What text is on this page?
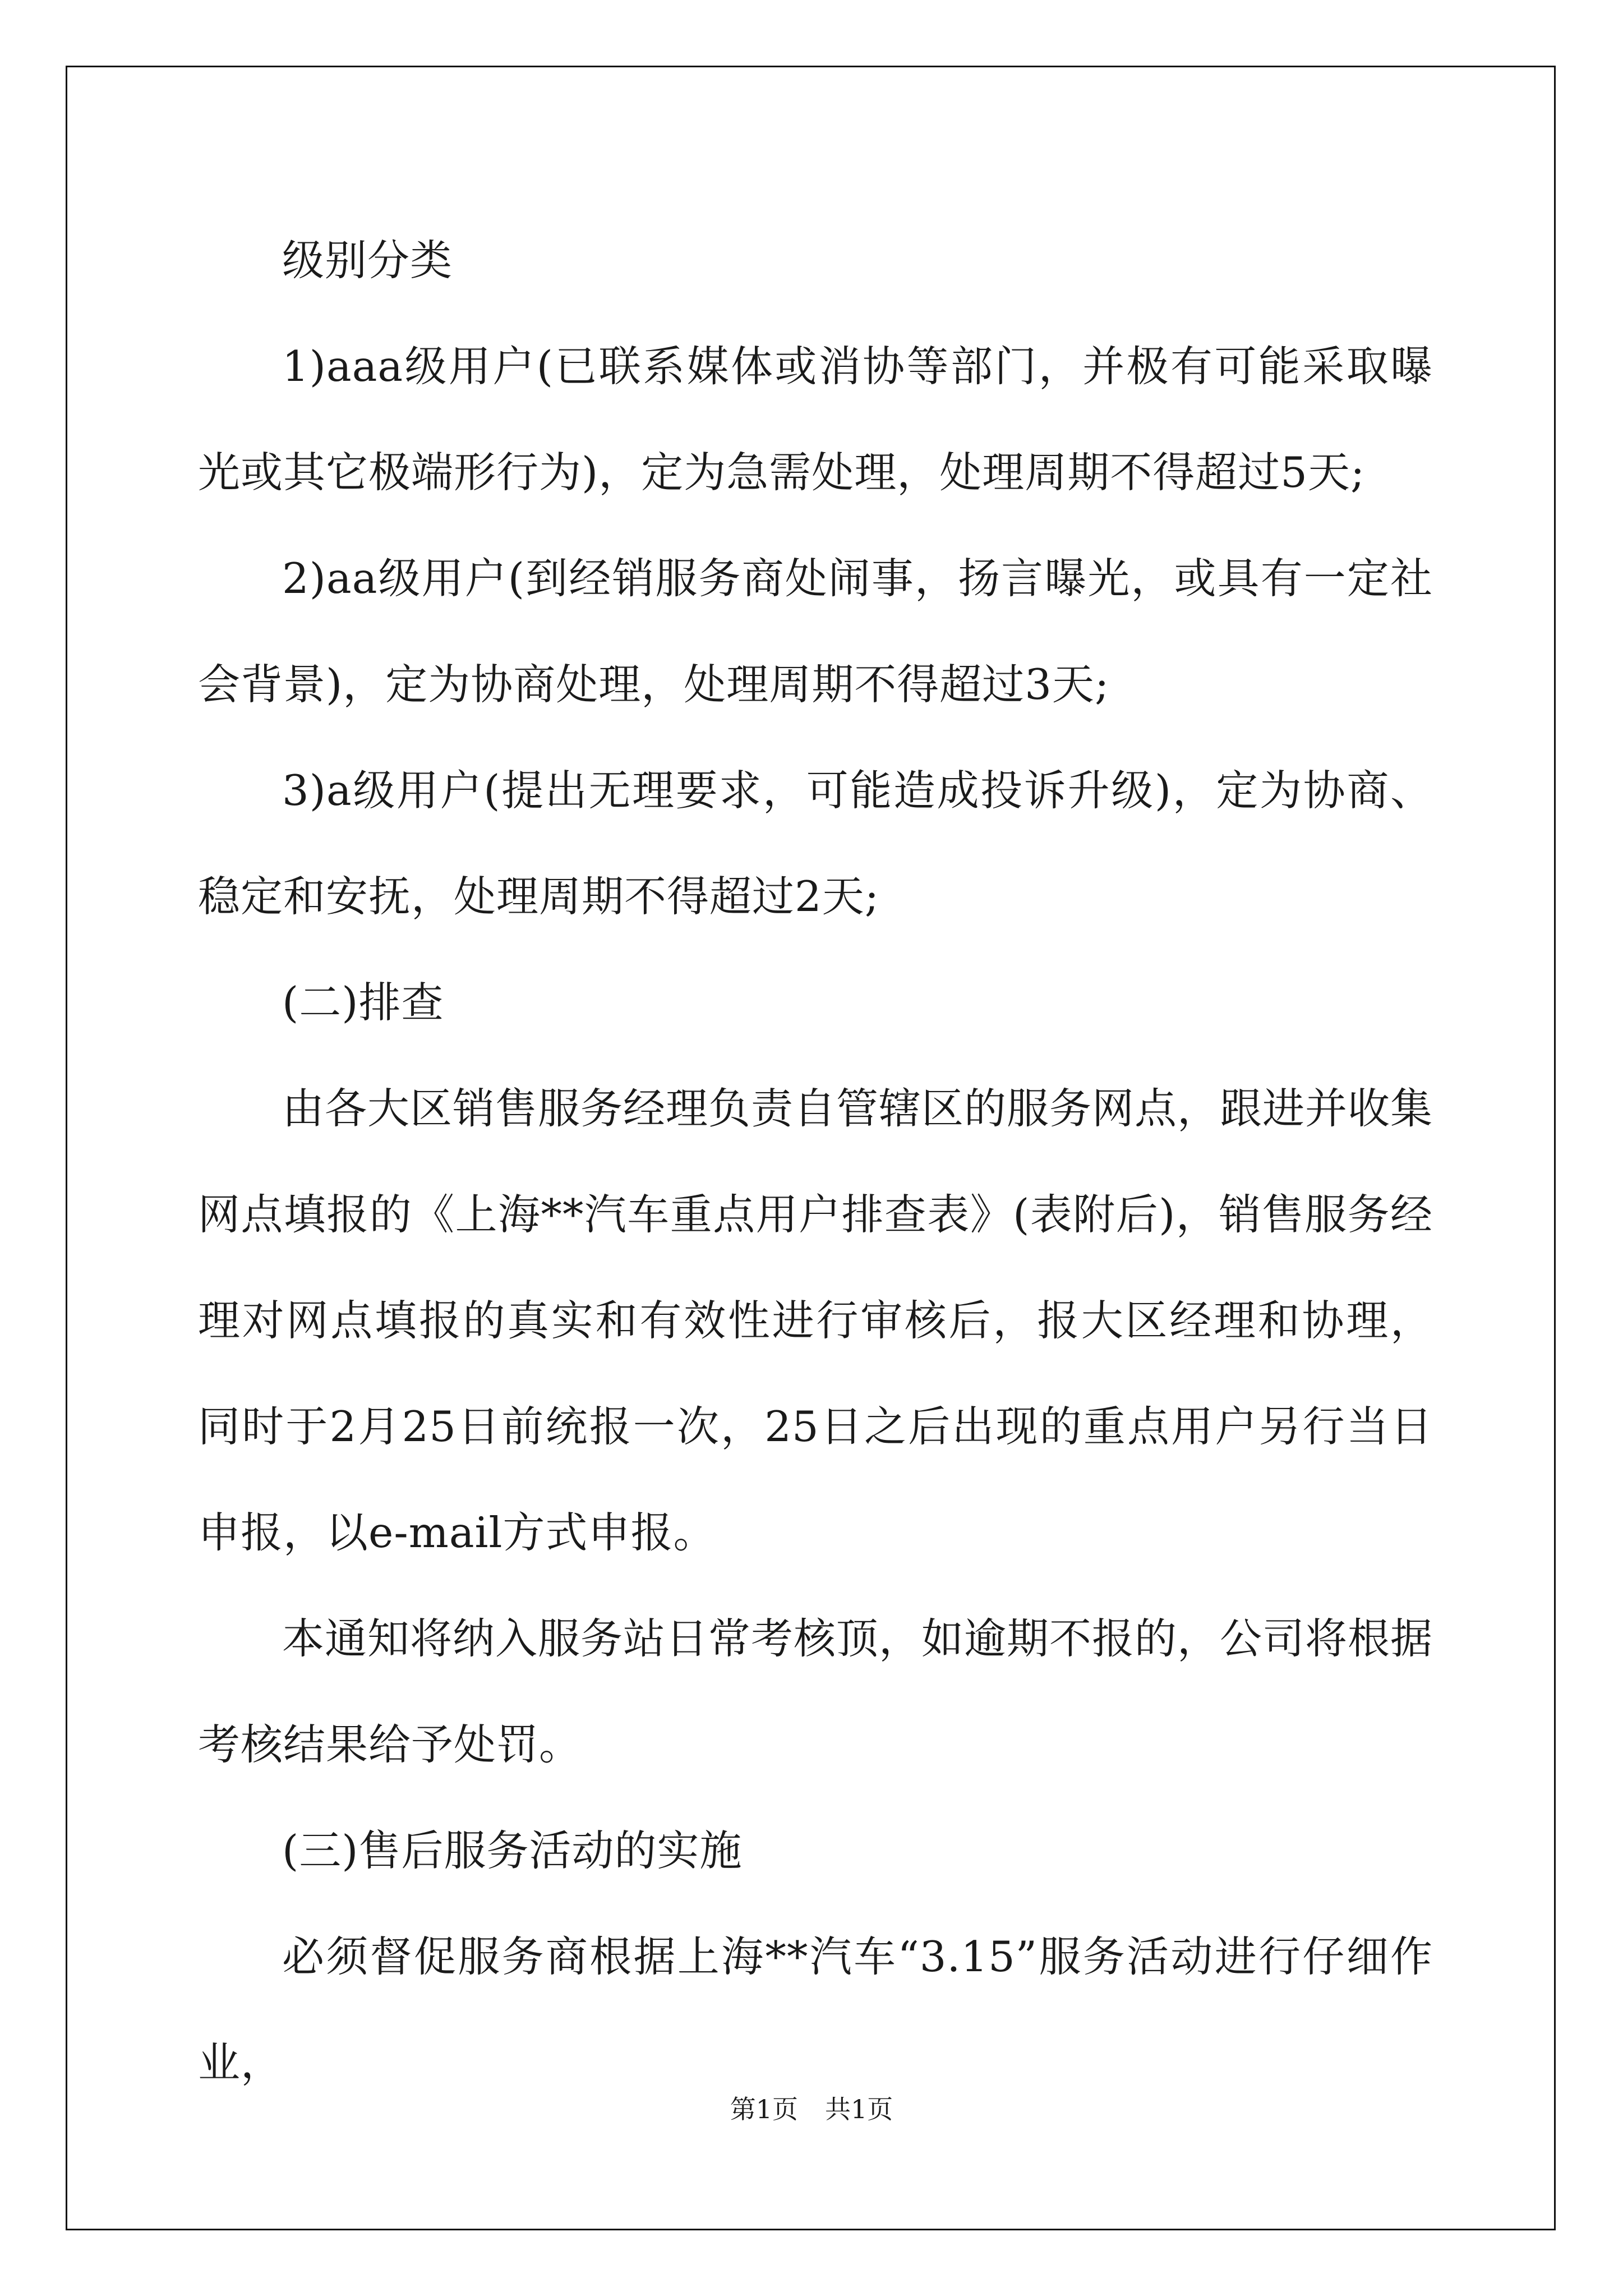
级别分类

1)aaa级用户(已联系媒体或消协等部门，并极有可能采取曝光或其它极端形行为)，定为急需处理，处理周期不得超过5天;

2)aa级用户(到经销服务商处闹事，扬言曝光，或具有一定社会背景)，定为协商处理，处理周期不得超过3天;

3)a级用户(提出无理要求，可能造成投诉升级)，定为协商、稳定和安抚，处理周期不得超过2天;

(二)排查

由各大区销售服务经理负责自管辖区的服务网点，跟进并收集网点填报的《上海**汽车重点用户排查表》(表附后)，销售服务经理对网点填报的真实和有效性进行审核后，报大区经理和协理，同时于2月25日前统报一次，25日之后出现的重点用户另行当日申报，以e-mail方式申报。

本通知将纳入服务站日常考核顶，如逾期不报的，公司将根据考核结果给予处罚。

(三)售后服务活动的实施

必须督促服务商根据上海**汽车“3.15”服务活动进行仔细作业，

第1页 共1页
